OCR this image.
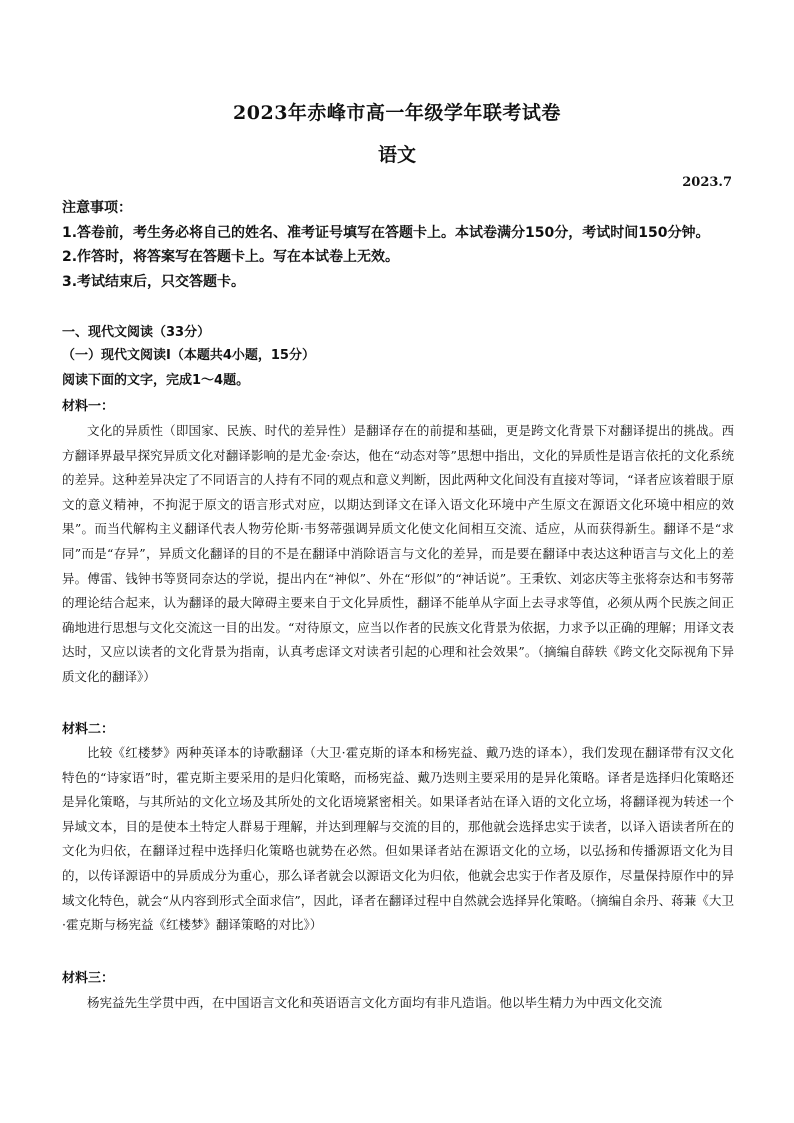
2023年赤峰市高一年级学年联考试卷
语文
2023.7
注意事项：
1.答卷前，考生务必将自己的姓名、准考证号填写在答题卡上。本试卷满分150分，考试时间150分钟。
2.作答时，将答案写在答题卡上。写在本试卷上无效。
3.考试结束后，只交答题卡。
一、现代文阅读（33分）
（一）现代文阅读Ⅰ（本题共4小题，15分）
阅读下面的文字，完成1～4题。
材料一：

文化的异质性（即国家、民族、时代的差异性）是翻译存在的前提和基础，更是跨文化背景下对翻译提出的挑战。西方翻译界最早探究异质文化对翻译影响的是尤金·奈达，他在“动态对等”思想中指出，文化的异质性是语言依托的文化系统的差异。这种差异决定了不同语言的人持有不同的观点和意义判断，因此两种文化间没有直接对等词，“译者应该着眼于原文的意义精神，不拘泥于原文的语言形式对应，以期达到译文在译入语文化环境中产生原文在源语文化环境中相应的效果”。而当代解构主义翻译代表人物劳伦斯·韦努蒂强调异质文化使文化间相互交流、适应，从而获得新生。翻译不是“求同”而是“存异”，异质文化翻译的目的不是在翻译中消除语言与文化的差异，而是要在翻译中表达这种语言与文化上的差异。傅雷、钱钟书等贤同奈达的学说，提出内在“神似”、外在“形似”的“神话说”。王秉钦、刘宓庆等主张将奈达和韦努蒂的理论结合起来，认为翻译的最大障碍主要来自于文化异质性，翻译不能单从字面上去寻求等值，必须从两个民族之间正确地进行思想与文化交流这一目的出发。“对待原文，应当以作者的民族文化背景为依据，力求予以正确的理解；用译文表达时，又应以读者的文化背景为指南，认真考虑译文对读者引起的心理和社会效果”。（摘编自薛轶《跨文化交际视角下异质文化的翻译》）

材料二：

比较《红楼梦》两种英译本的诗歌翻译（大卫·霍克斯的译本和杨宪益、戴乃迭的译本），我们发现在翻译带有汉文化特色的“诗家语”时，霍克斯主要采用的是归化策略，而杨宪益、戴乃迭则主要采用的是异化策略。译者是选择归化策略还是异化策略，与其所站的文化立场及其所处的文化语境紧密相关。如果译者站在译入语的文化立场，将翻译视为转述一个异域文本，目的是使本土特定人群易于理解，并达到理解与交流的目的，那他就会选择忠实于读者，以译入语读者所在的文化为归依，在翻译过程中选择归化策略也就势在必然。但如果译者站在源语文化的立场，以弘扬和传播源语文化为目的，以传译源语中的异质成分为重心，那么译者就会以源语文化为归依，他就会忠实于作者及原作，尽量保持原作中的异域文化特色，就会“从内容到形式全面求信”，因此，译者在翻译过程中自然就会选择异化策略。（摘编自余丹、蒋蒹《大卫·霍克斯与杨宪益《红楼梦》翻译策略的对比》）

材料三：

杨宪益先生学贯中西，在中国语言文化和英语语言文化方面均有非凡造诣。他以毕生精力为中西文化交流
